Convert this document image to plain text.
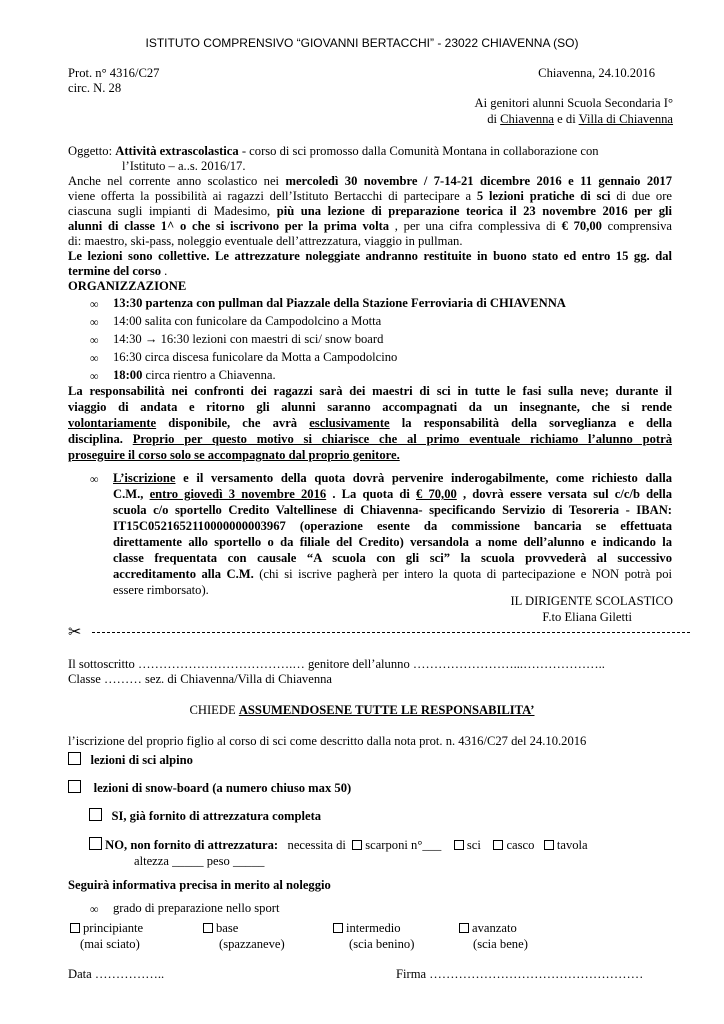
ISTITUTO COMPRENSIVO “GIOVANNI BERTACCHI” - 23022 CHIAVENNA (SO)
Prot. n° 4316/C27
circ. N. 28
Chiavenna, 24.10.2016
Ai genitori alunni Scuola Secondaria I°
di Chiavenna e di Villa di Chiavenna
Oggetto: Attività extrascolastica - corso di sci promosso dalla Comunità Montana in collaborazione con
l’Istituto – a..s. 2016/17.
Anche nel corrente anno scolastico nei mercoledì 30 novembre / 7-14-21 dicembre 2016 e 11 gennaio 2017
viene offerta la possibilità ai ragazzi dell’Istituto Bertacchi di partecipare a 5 lezioni pratiche di sci di due ore
ciascuna sugli impianti di Madesimo, più una lezione di preparazione teorica il 23 novembre 2016 per gli
alunni di classe 1^ o che si iscrivono per la prima volta , per una cifra complessiva di € 70,00 comprensiva
di: maestro, ski-pass, noleggio eventuale dell’attrezzatura, viaggio in pullman.
Le lezioni sono collettive. Le attrezzature noleggiate andranno restituite in buono stato ed entro 15 gg. dal
termine del corso .
ORGANIZZAZIONE
∞ 13:30 partenza con pullman dal Piazzale della Stazione Ferroviaria di CHIAVENNA
∞ 14:00 salita con funicolare da Campodolcino a Motta
∞ 14:30 → 16:30 lezioni con maestri di sci/ snow board
∞ 16:30 circa discesa funicolare da Motta a Campodolcino
∞ 18:00 circa rientro a Chiavenna.
La responsabilità nei confronti dei ragazzi sarà dei maestri di sci in tutte le fasi sulla neve; durante il
viaggio di andata e ritorno gli alunni saranno accompagnati da un insegnante, che si rende
volontariamente disponibile, che avrà esclusivamente la responsabilità della sorveglianza e della
disciplina. Proprio per questo motivo si chiarisce che al primo eventuale richiamo l’alunno potrà
proseguire il corso solo se accompagnato dal proprio genitore.
∞ L’iscrizione e il versamento della quota dovrà pervenire inderogabilmente, come richiesto dalla
C.M., entro giovedì 3 novembre 2016 . La quota di € 70,00 , dovrà essere versata sul c/c/b della
scuola c/o sportello Credito Valtellinese di Chiavenna- specificando Servizio di Tesoreria - IBAN:
IT15C0521652110000000003967 (operazione esente da commissione bancaria se effettuata
direttamente allo sportello o da filiale del Credito) versandola a nome dell’alunno e indicando la
classe frequentata con causale “A scuola con gli sci” la scuola provvederà al successivo
accreditamento alla C.M. (chi si iscrive pagherà per intero la quota di partecipazione e NON potrà poi
essere rimborsato).
IL DIRIGENTE SCOLASTICO
F.to Eliana Giletti
✂
Il sottoscritto ……………………………….… genitore dell’alunno ……………………...………………..
Classe ……… sez. di Chiavenna/Villa di Chiavenna
CHIEDE ASSUMENDOSENE TUTTE LE RESPONSABILITA’
l’iscrizione del proprio figlio al corso di sci come descritto dalla nota prot. n. 4316/C27 del 24.10.2016
lezioni di sci alpino
lezioni di snow-board (a numero chiuso max 50)
SI, già fornito di attrezzatura completa
NO, non fornito di attrezzatura: necessita di scarponi n°___ sci casco tavola
altezza _____ peso _____
Seguirà informativa precisa in merito al noleggio
∞ grado di preparazione nello sport
principiante
(mai sciato)
base
(spazzaneve)
intermedio
(scia benino)
avanzato
(scia bene)
Data ……………..	Firma ……………………………………………
